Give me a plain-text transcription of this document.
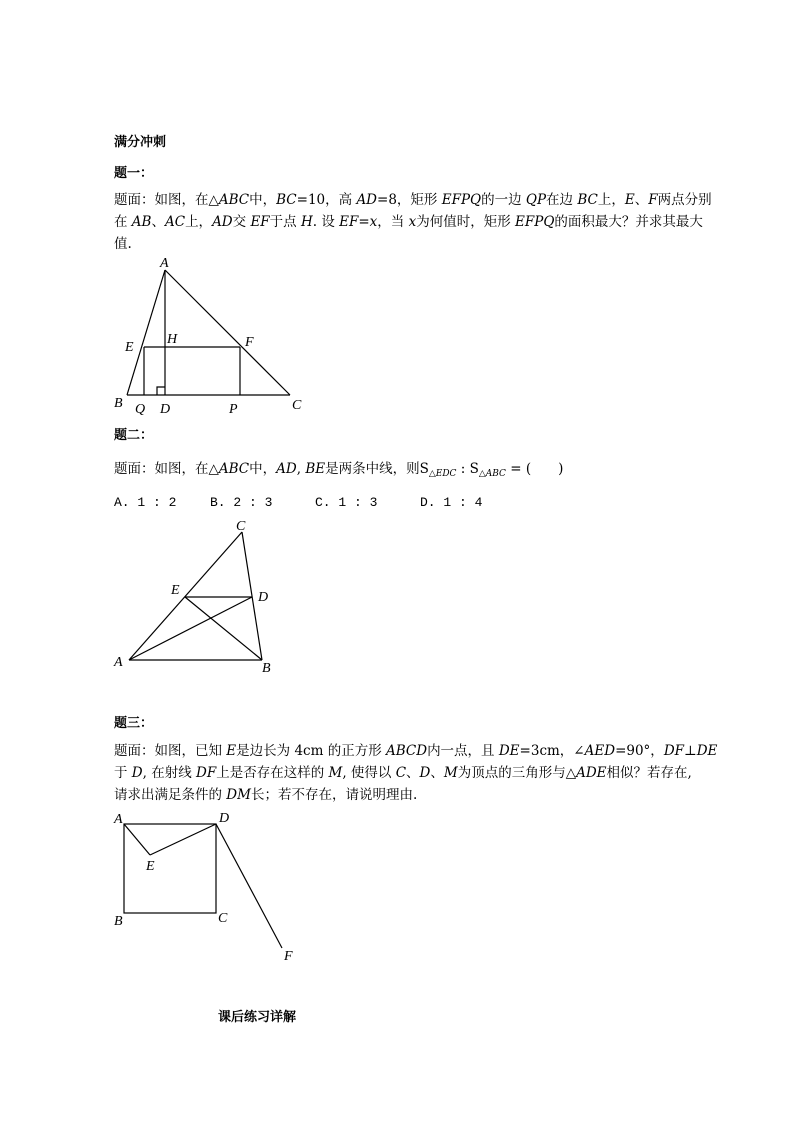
满分冲刺
题一：
题面：如图，在△ABC中，BC=10，高 AD=8，矩形 EFPQ的一边 QP在边 BC上，E、F两点分别
在 AB、AC上，AD交 EF于点 H. 设 EF=x，当 x为何值时，矩形 EFPQ的面积最大？并求其最大
值.
题二：
题面：如图，在△ABC中，AD, BE是两条中线，则$S_{\triangle EDC}$ : $S_{\triangle ABC}$ = (　　)
A. 1 : 2	B. 2 : 3	C. 1 : 3	D. 1 : 4
题三：
题面：如图，已知 E是边长为 4cm 的正方形 ABCD内一点，且 DE=3cm，∠AED=90°，DF⊥DE
于 D, 在射线 DF上是否存在这样的 M, 使得以 C、D、M为顶点的三角形与△ADE相似？若存在,
请求出满足条件的 DM长；若不存在，请说明理由.
课后练习详解
A
E
H	F
B Q D	P	C
C
E	D
A	B
A	D
E
B	C
F
